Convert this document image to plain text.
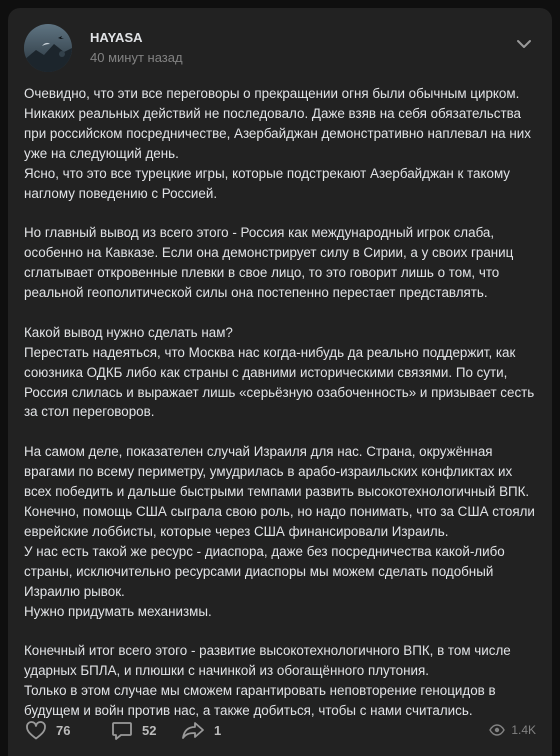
HAYASA
40 минут назад

Очевидно, что эти все переговоры о прекращении огня были обычным цирком. Никаких реальных действий не последовало. Даже взяв на себя обязательства при российском посредничестве, Азербайджан демонстративно наплевал на них уже на следующий день.

Ясно, что это все турецкие игры, которые подстрекают Азербайджан к такому наглому поведению с Россией.

Но главный вывод из всего этого - Россия как международный игрок слаба, особенно на Кавказе. Если она демонстрирует силу в Сирии, а у своих границ сглатывает откровенные плевки в свое лицо, то это говорит лишь о том, что реальной геополитической силы она постепенно перестает представлять.

Какой вывод нужно сделать нам?

Перестать надеяться, что Москва нас когда-нибудь да реально поддержит, как союзника ОДКБ либо как страны с давними историческими связями. По сути, Россия слилась и выражает лишь «серьёзную озабоченность» и призывает сесть за стол переговоров.

На самом деле, показателен случай Израиля для нас. Страна, окружённая врагами по всему периметру, умудрилась в арабо-израильских конфликтах их всех победить и дальше быстрыми темпами развить высокотехнологичный ВПК.

Конечно, помощь США сыграла свою роль, но надо понимать, что за США стояли еврейские лоббисты, которые через США финансировали Израиль.

У нас есть такой же ресурс - диаспора, даже без посредничества какой-либо страны, исключительно ресурсами диаспоры мы можем сделать подобный Израилю рывок.

Нужно придумать механизмы.

Конечный итог всего этого - развитие высокотехнологичного ВПК, в том числе ударных БПЛА, и плюшки с начинкой из обогащённого плутония.

Только в этом случае мы сможем гарантировать неповторение геноцидов в будущем и войн против нас, а также добиться, чтобы с нами считались.

76	52	1	1.4K
